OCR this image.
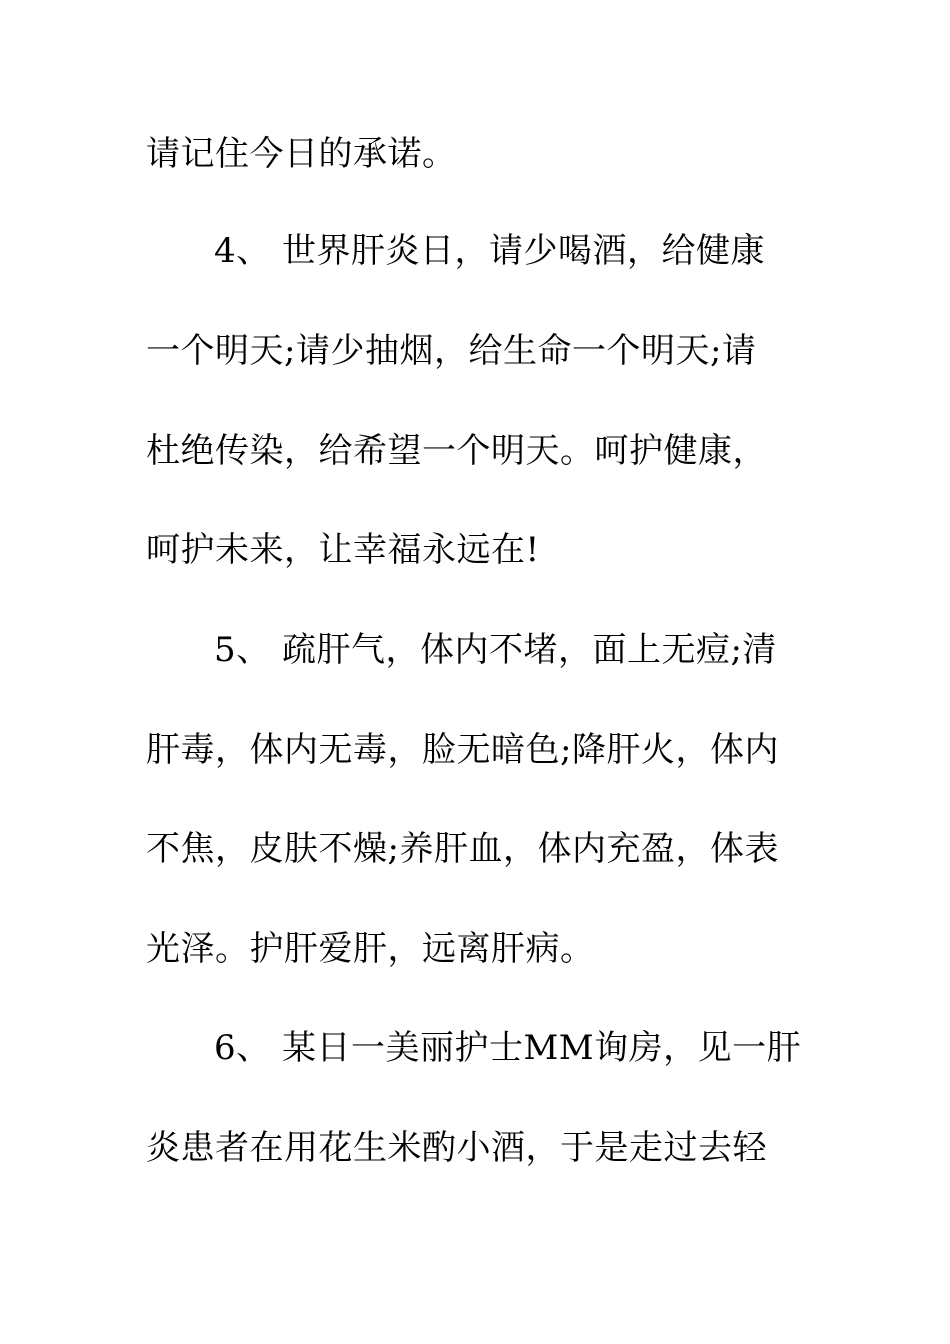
请记住今日的承诺。
4、 世界肝炎日，请少喝酒，给健康
一个明天;请少抽烟，给生命一个明天;请
杜绝传染，给希望一个明天。呵护健康，
呵护未来，让幸福永远在!
5、 疏肝气，体内不堵，面上无痘;清
肝毒，体内无毒，脸无暗色;降肝火，体内
不焦，皮肤不燥;养肝血，体内充盈，体表
光泽。护肝爱肝，远离肝病。
6、 某日一美丽护士MM询房，见一肝
炎患者在用花生米酌小酒，于是走过去轻
